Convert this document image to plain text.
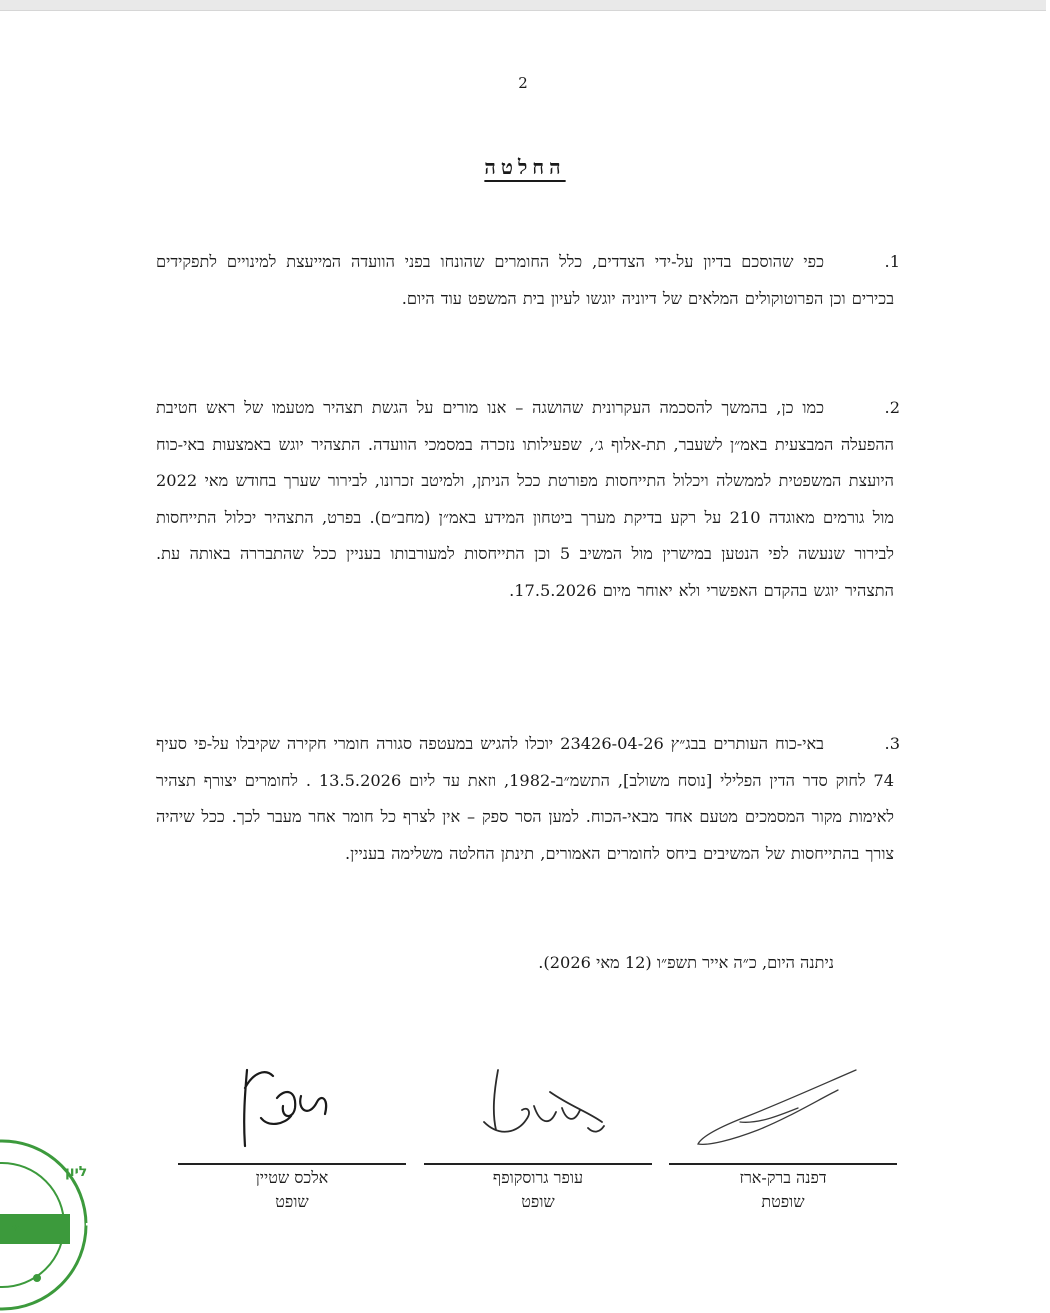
2
החלטה
.1
כפי שהוסכם בדיון על-ידי הצדדים, כלל החומרים שהונחו בפני הוועדה המייעצת למינויים לתפקידים בכירים וכן הפרוטוקולים המלאים של דיוניה יוגשו לעיון בית המשפט עוד היום.
.2
כמו כן, בהמשך להסכמה העקרונית שהושגה – אנו מורים על הגשת תצהיר מטעמו של ראש חטיבת ההפעלה המבצעית באמ״ן לשעבר, תת-אלוף ג׳, שפעילותו נזכרה במסמכי הוועדה. התצהיר יוגש באמצעות באי-כוח היועצת המשפטית לממשלה ויכלול התייחסות מפורטת ככל הניתן, ולמיטב זכרונו, לבירור שערך בחודש מאי 2022 מול גורמים מאוגדה 210 על רקע בדיקת מערך ביטחון המידע באמ״ן (מחב״ם). בפרט, התצהיר יכלול התייחסות לבירור שנעשה לפי הנטען במישרין מול המשיב 5 וכן התייחסות למעורבותו בעניין ככל שהתבררה באותה עת. התצהיר יוגש בהקדם האפשרי ולא יאוחר מיום 17.5.2026.
.3
באי-כוח העותרים בבג״ץ 23426-04-26 יוכלו להגיש במעטפה סגורה חומרי חקירה שקיבלו על-פי סעיף 74 לחוק סדר הדין הפלילי [נוסח משולב], התשמ״ב-1982, וזאת עד ליום 13.5.2026 . לחומרים יצורף תצהיר לאימות מקור המסמכים מטעם אחד מבאי-הכוח. למען הסר ספק – אין לצרף כל חומר אחר מעבר לכך. ככל שיהיה צורך בהתייחסות של המשיבים ביחס לחומרים האמורים, תינתן החלטה משלימה בעניין.
ניתנה היום, כ״ה אייר תשפ״ו (12 מאי 2026).
אלכס שטיין
שופט
עופר גרוסקופף
שופט
דפנה ברק-ארז
שופטת
למקור
ליון
*
